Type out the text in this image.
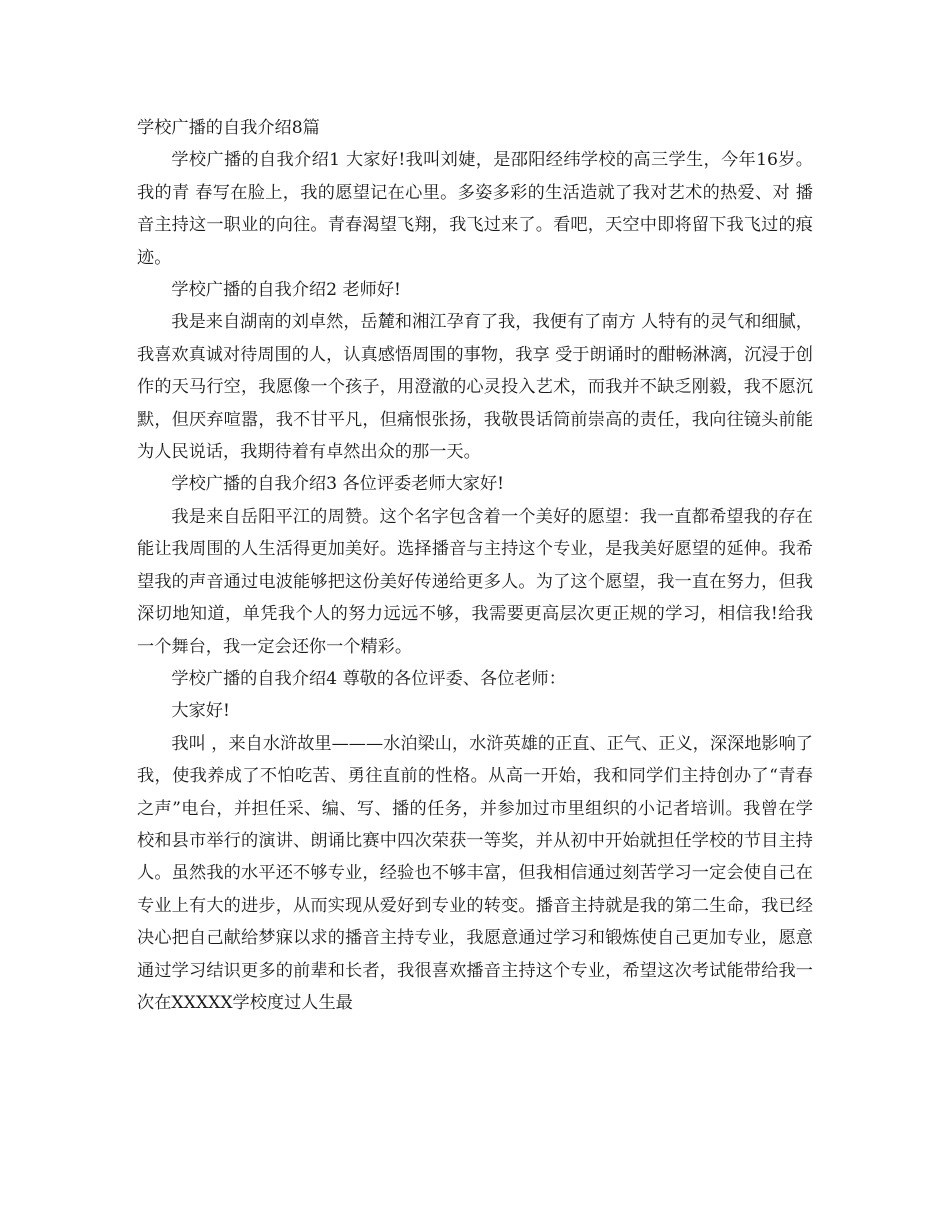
学校广播的自我介绍8篇

学校广播的自我介绍1 大家好!我叫刘婕，是邵阳经纬学校的高三学生，今年16岁。我的青 春写在脸上，我的愿望记在心里。多姿多彩的生活造就了我对艺术的热爱、对 播音主持这一职业的向往。青春渴望飞翔，我飞过来了。看吧，天空中即将留下我飞过的痕迹。

学校广播的自我介绍2 老师好!

我是来自湖南的刘卓然，岳麓和湘江孕育了我，我便有了南方 人特有的灵气和细腻，我喜欢真诚对待周围的人，认真感悟周围的事物，我享 受于朗诵时的酣畅淋漓，沉浸于创作的天马行空，我愿像一个孩子，用澄澈的心灵投入艺术，而我并不缺乏刚毅，我不愿沉默，但厌弃喧嚣，我不甘平凡，但痛恨张扬，我敬畏话筒前崇高的责任，我向往镜头前能为人民说话，我期待着有卓然出众的那一天。

学校广播的自我介绍3 各位评委老师大家好!

我是来自岳阳平江的周赞。这个名字包含着一个美好的愿望：我一直都希望我的存在能让我周围的人生活得更加美好。选择播音与主持这个专业，是我美好愿望的延伸。我希望我的声音通过电波能够把这份美好传递给更多人。为了这个愿望，我一直在努力，但我深切地知道，单凭我个人的努力远远不够，我需要更高层次更正规的学习，相信我!给我一个舞台，我一定会还你一个精彩。

学校广播的自我介绍4 尊敬的各位评委、各位老师：

大家好!

我叫 ，来自水浒故里———水泊梁山，水浒英雄的正直、正气、正义，深深地影响了我，使我养成了不怕吃苦、勇往直前的性格。从高一开始，我和同学们主持创办了“青春之声”电台，并担任采、编、写、播的任务，并参加过市里组织的小记者培训。我曾在学校和县市举行的演讲、朗诵比赛中四次荣获一等奖，并从初中开始就担任学校的节目主持人。虽然我的水平还不够专业，经验也不够丰富，但我相信通过刻苦学习一定会使自己在专业上有大的进步，从而实现从爱好到专业的转变。播音主持就是我的第二生命，我已经决心把自己献给梦寐以求的播音主持专业，我愿意通过学习和锻炼使自己更加专业，愿意通过学习结识更多的前辈和长者，我很喜欢播音主持这个专业，希望这次考试能带给我一次在XXXXX学校度过人生最
